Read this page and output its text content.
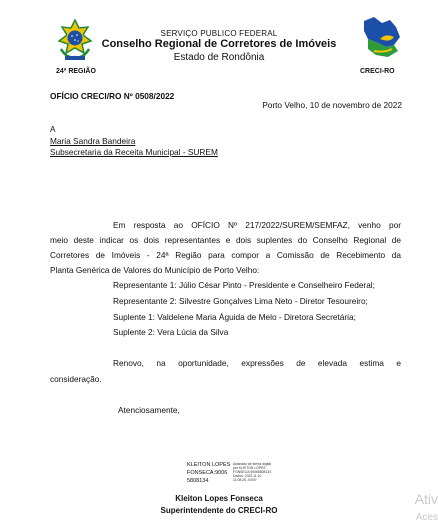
24ª REGIÃO
SERVIÇO PUBLICO FEDERAL
Conselho Regional de Corretores de Imóveis
Estado de Rondônia
CRECI-RO
OFÍCIO CRECI/RO Nº 0508/2022
Porto Velho, 10 de novembro de 2022
A
Maria Sandra Bandeira
Subsecretaria da Receita Municipal - SUREM
Em resposta ao OFÍCIO Nº 217/2022/SUREM/SEMFAZ, venho por
meio deste indicar os dois representantes e dois suplentes do Conselho Regional de
Corretores de Imóveis - 24ª Região para compor a Comissão de Recebimento da
Planta Genérica de Valores do Município de Porto Velho:
Representante 1: Júlio César Pinto - Presidente e Conselheiro Federal;
Representante 2: Silvestre Gonçalves Lima Neto - Diretor Tesoureiro;
Suplente 1: Valdelene Maria Águida de Melo - Diretora Secretária;
Suplente 2: Vera Lúcia da Silva
Renovo, na oportunidade, expressões de elevada estima e
consideração.
Atenciosamente,
KLEITON LOPES
FONSECA:9006
5808134
Assinado de forma digital
por KLEITON LOPES
FONSECA:90065808134
Dados: 2022.11.10
11:08:26 -04'00'
Kleiton Lopes Fonseca
Superintendente do CRECI-RO
Ativ
Aces
